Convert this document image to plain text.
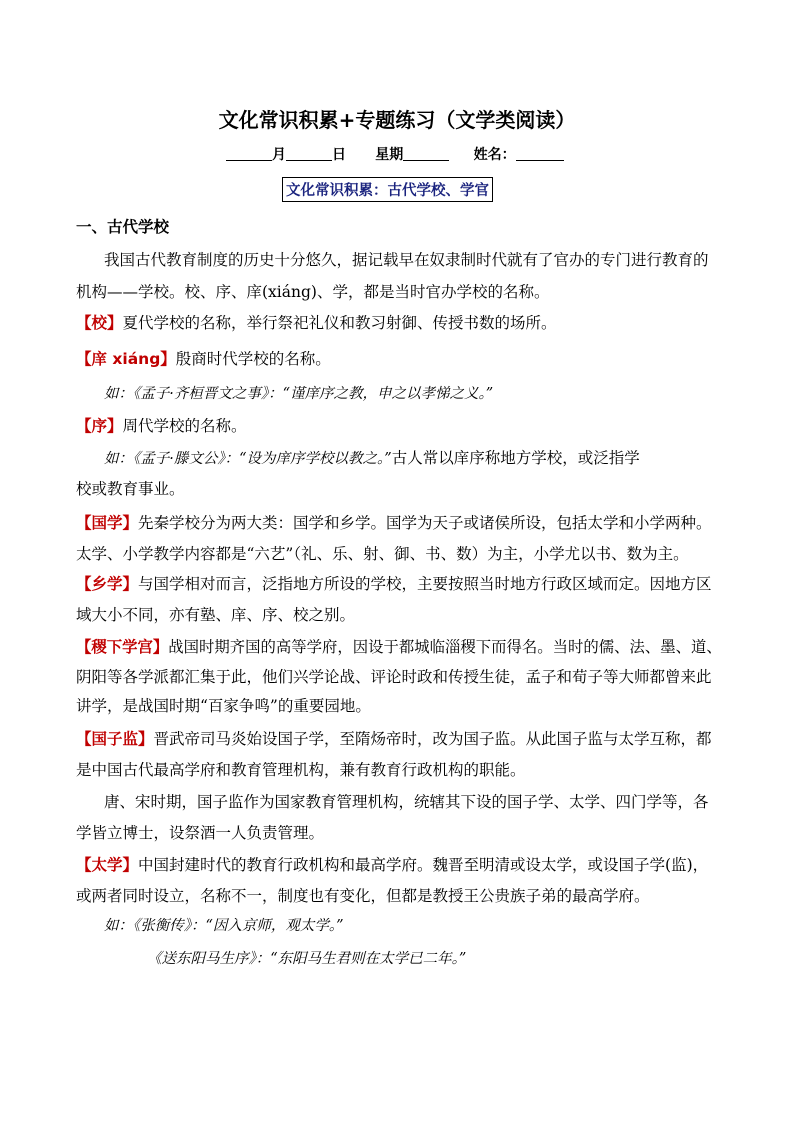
文化常识积累+专题练习（文学类阅读）
月	日 星期	姓名：
文化常识积累：古代学校、学官
一、古代学校
我国古代教育制度的历史十分悠久，据记载早在奴隶制时代就有了官办的专门进行教育的
机构——学校。校、序、庠(xiáng)、学，都是当时官办学校的名称。
【校】夏代学校的名称，举行祭祀礼仪和教习射御、传授书数的场所。
【庠 xiáng】殷商时代学校的名称。
如：《孟子·齐桓晋文之事》：“谨庠序之教，申之以孝悌之义。”
【序】周代学校的名称。
如：《孟子·滕文公》：“设为庠序学校以教之。”古人常以庠序称地方学校，或泛指学
校或教育事业。
【国学】先秦学校分为两大类：国学和乡学。国学为天子或诸侯所设，包括太学和小学两种。
太学、小学教学内容都是“六艺”（礼、乐、射、御、书、数）为主，小学尤以书、数为主。
【乡学】与国学相对而言，泛指地方所设的学校，主要按照当时地方行政区域而定。因地方区
域大小不同，亦有塾、庠、序、校之别。
【稷下学宫】战国时期齐国的高等学府，因设于都城临淄稷下而得名。当时的儒、法、墨、道、
阴阳等各学派都汇集于此，他们兴学论战、评论时政和传授生徒，孟子和荀子等大师都曾来此
讲学，是战国时期“百家争鸣”的重要园地。
【国子监】晋武帝司马炎始设国子学，至隋炀帝时，改为国子监。从此国子监与太学互称，都
是中国古代最高学府和教育管理机构，兼有教育行政机构的职能。
唐、宋时期，国子监作为国家教育管理机构，统辖其下设的国子学、太学、四门学等，各
学皆立博士，设祭酒一人负责管理。
【太学】中国封建时代的教育行政机构和最高学府。魏晋至明清或设太学，或设国子学(监)，
或两者同时设立，名称不一，制度也有变化，但都是教授王公贵族子弟的最高学府。
如：《张衡传》：“因入京师，观太学。”
《送东阳马生序》：“东阳马生君则在太学已二年。”
